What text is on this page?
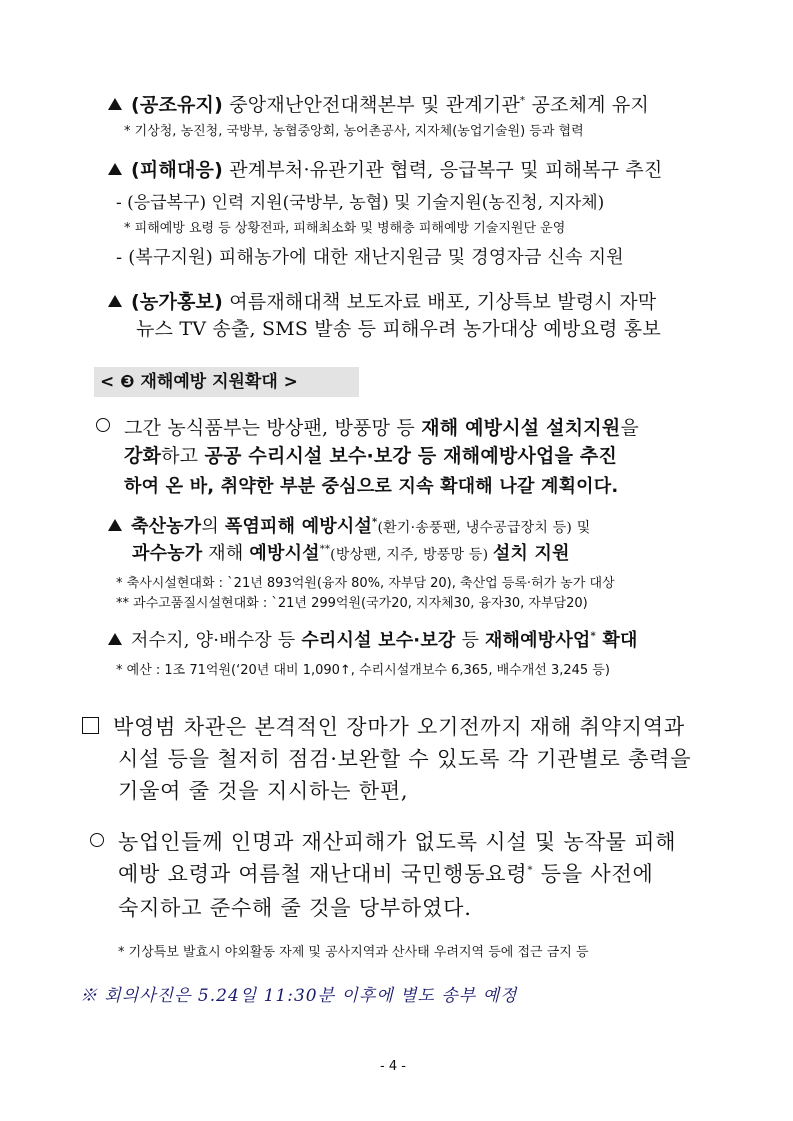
(공조유지) 중앙재난안전대책본부 및 관계기관* 공조체계 유지
* 기상청, 농진청, 국방부, 농협중앙회, 농어촌공사, 지자체(농업기술원) 등과 협력
(피해대응) 관계부처·유관기관 협력, 응급복구 및 피해복구 추진
- (응급복구) 인력 지원(국방부, 농협) 및 기술지원(농진청, 지자체)
* 피해예방 요령 등 상황전파, 피해최소화 및 병해충 피해예방 기술지원단 운영
- (복구지원) 피해농가에 대한 재난지원금 및 경영자금 신속 지원
(농가홍보) 여름재해대책 보도자료 배포, 기상특보 발령시 자막
뉴스 TV 송출, SMS 발송 등 피해우려 농가대상 예방요령 홍보
< ❸ 재해예방 지원확대 >
그간 농식품부는 방상팬, 방풍망 등 재해 예방시설 설치지원을
강화하고 공공 수리시설 보수·보강 등 재해예방사업을 추진
하여 온 바, 취약한 부분 중심으로 지속 확대해 나갈 계획이다.
축산농가의 폭염피해 예방시설*(환기·송풍팬, 냉수공급장치 등) 및
과수농가 재해 예방시설**(방상팬, 지주, 방풍망 등) 설치 지원
* 축사시설현대화 : `21년 893억원(융자 80%, 자부담 20), 축산업 등록·허가 농가 대상
** 과수고품질시설현대화 : `21년 299억원(국가20, 지자체30, 융자30, 자부담20)
저수지, 양·배수장 등 수리시설 보수·보강 등 재해예방사업* 확대
* 예산 : 1조 71억원(‘20년 대비 1,090↑, 수리시설개보수 6,365, 배수개선 3,245 등)
박영범 차관은 본격적인 장마가 오기전까지 재해 취약지역과
시설 등을 철저히 점검·보완할 수 있도록 각 기관별로 총력을
기울여 줄 것을 지시하는 한편,
농업인들께 인명과 재산피해가 없도록 시설 및 농작물 피해
예방 요령과 여름철 재난대비 국민행동요령* 등을 사전에
숙지하고 준수해 줄 것을 당부하였다.
* 기상특보 발효시 야외활동 자제 및 공사지역과 산사태 우려지역 등에 접근 금지 등
※ 회의사진은 5.24일 11:30분 이후에 별도 송부 예정
- 4 -
